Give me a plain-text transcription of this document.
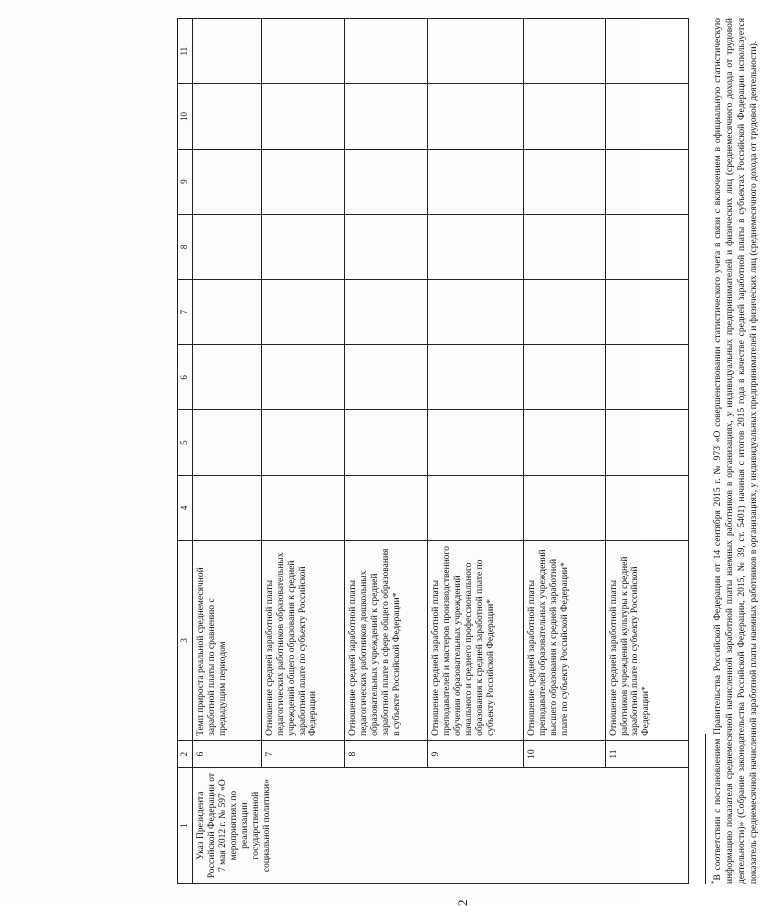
2
1	2	3	4	5	6	7	8	9	10	11
Указ Президента Российской Федерации от 7 мая 2012 г. № 597 «О мероприятиях по реализации государственной социальной политики»	6	Темп прироста реальной среднемесячной заработной платы по сравнению с предыдущим периодом								
	7	Отношение средней заработной платы педагогических работников образовательных учреждений общего образования к средней заработной плате по субъекту Российской Федерации								
	8	Отношение средней заработной платы педагогических работников дошкольных образовательных учреждений к средней заработной плате в сфере общего образования в субъекте Российской Федерации*								
	9	Отношение средней заработной платы преподавателей и мастеров производственного обучения образовательных учреждений начального и среднего профессионального образования к средней заработной плате по субъекту Российской Федерации*								
	10	Отношение средней заработной платы преподавателей образовательных учреждений высшего образования к средней заработной плате по субъекту Российской Федерации*								
	11	Отношение средней заработной платы работников учреждений культуры к средней заработной плате по субъекту Российской Федерации*								
*В соответствии с постановлением Правительства Российской Федерации от 14 сентября 2015 г. № 973 «О совершенствовании статистического учета в связи с включением в официальную статистическую информацию показателя среднемесячной начисленной заработной платы наемных работников в организациях, у индивидуальных предпринимателей и физических лиц (среднемесячного дохода от трудовой деятельности)» (Собрание законодательства Российской Федерации, 2015, № 39, ст. 5401) начиная с итогов 2015 года в качестве средней заработной платы в субъектах Российской Федерации используется показатель среднемесячной начисленной заработной платы наемных работников в организациях, у индивидуальных предпринимателей и физических лиц (среднемесячного дохода от трудовой деятельности).
